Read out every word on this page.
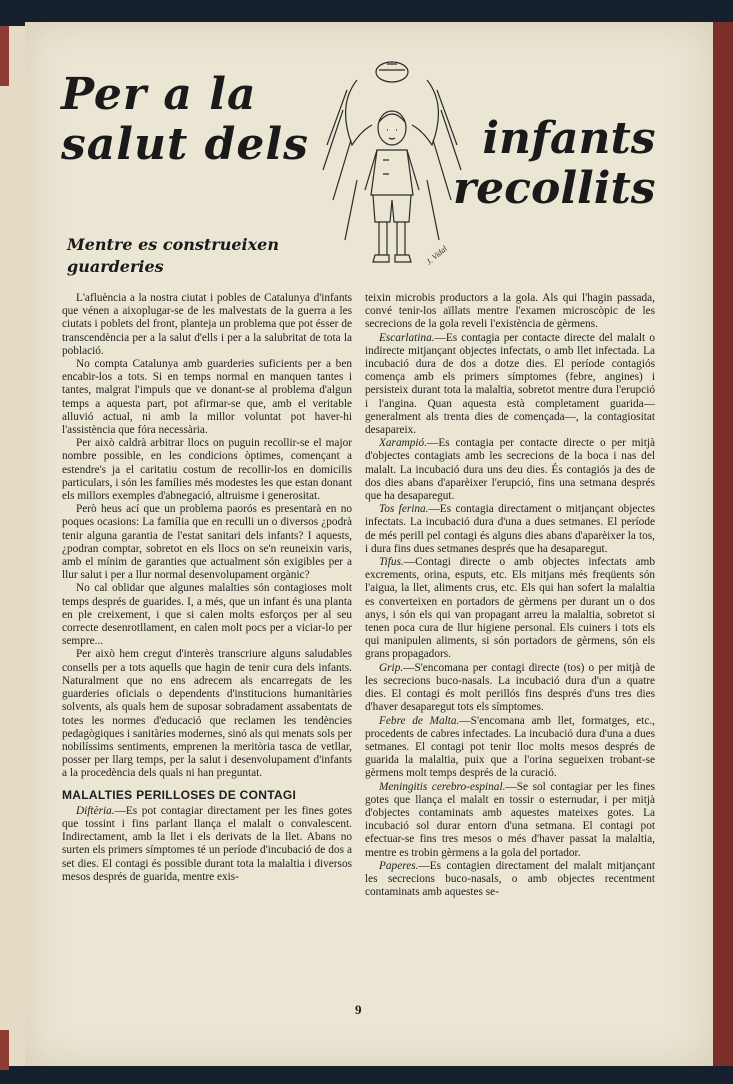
Per a la
salut dels	infants
recollits
Mentre es construeixen
guarderies	J. Vidal

L'afluència a la nostra ciutat i pobles de Catalunya d'infants que vénen a aixoplugar-se de les malvestats de la guerra a les ciutats i poblets del front, planteja un problema que pot ésser de transcendència per a la salut d'ells i per a la salubritat de tota la població.

No compta Catalunya amb guarderies suficients per a ben encabir-los a tots. Si en temps normal en manquen tantes i tantes, malgrat l'impuls que ve donant-se al problema d'algun temps a aquesta part, pot afirmar-se que, amb el veritable alluvió actual, ni amb la millor voluntat pot haver-hi l'assistència que fóra necessària.

Per això caldrà arbitrar llocs on puguin recollir-se el major nombre possible, en les condicions òptimes, començant a estendre's ja el caritatiu costum de recollir-los en domicilis particulars, i són les famílies més modestes les que estan donant els millors exemples d'abnegació, altruisme i generositat.

Però heus ací que un problema paorós es presentarà en no poques ocasions: La família que en reculli un o diversos ¿podrà tenir alguna garantia de l'estat sanitari dels infants? I aquests, ¿podran comptar, sobretot en els llocs on se'n reuneixin varis, amb el mínim de garanties que actualment són exigibles per a llur salut i per a llur normal desenvolupament orgànic?

No cal oblidar que algunes malalties són contagioses molt temps després de guarides. I, a més, que un infant és una planta en ple creixement, i que si calen molts esforços per al seu correcte desenrotllament, en calen molt pocs per a viciar-lo per sempre...

Per això hem cregut d'interès transcriure alguns saludables consells per a tots aquells que hagin de tenir cura dels infants. Naturalment que no ens adrecem als encarregats de les guarderies oficials o dependents d'institucions humanitàries solvents, als quals hem de suposar sobradament assabentats de totes les normes d'educació que reclamen les tendències pedagògiques i sanitàries modernes, sinó als qui menats sols per nobilíssims sentiments, emprenen la meritòria tasca de vetllar, posser per llarg temps, per la salut i desenvolupament d'infants a la procedència dels quals ni han preguntat.

MALALTIES PERILLOSES DE CONTAGI

Diftèria.—Es pot contagiar directament per les fines gotes que tossint i fins parlant llança el malalt o convalescent. Indirectament, amb la llet i els derivats de la llet. Abans no surten els primers símptomes té un període d'incubació de dos a set dies. El contagi és possible durant tota la malaltia i diversos mesos després de guarida, mentre exis-

teixin microbis productors a la gola. Als qui l'hagin passada, convé tenir-los aïllats mentre l'examen microscòpic de les secrecions de la gola reveli l'existència de gèrmens.

Escarlatina.—Es contagia per contacte directe del malalt o indirecte mitjançant objectes infectats, o amb llet infectada. La incubació dura de dos a dotze dies. El període contagiós comença amb els primers símptomes (febre, angines) i persisteix durant tota la malaltia, sobretot mentre dura l'erupció i l'angina. Quan aquesta està completament guarida—generalment als trenta dies de començada—, la contagiositat desapareix.

Xarampió.—Es contagia per contacte directe o per mitjà d'objectes contagiats amb les secrecions de la boca i nas del malalt. La incubació dura uns deu dies. És contagiós ja des de dos dies abans d'aparèixer l'erupció, fins una setmana després que ha desaparegut.

Tos ferina.—Es contagia directament o mitjançant objectes infectats. La incubació dura d'una a dues setmanes. El període de més perill pel contagi és alguns dies abans d'aparèixer la tos, i dura fins dues setmanes després que ha desaparegut.

Tifus.—Contagi directe o amb objectes infectats amb excrements, orina, esputs, etc. Els mitjans més freqüents són l'aigua, la llet, aliments crus, etc. Els qui han sofert la malaltia es converteixen en portadors de gèrmens per durant un o dos anys, i són els qui van propagant arreu la malaltia, sobretot si tenen poca cura de llur higiene personal. Els cuiners i tots els qui manipulen aliments, si són portadors de gèrmens, són els grans propagadors.

Grip.—S'encomana per contagi directe (tos) o per mitjà de les secrecions buco-nasals. La incubació dura d'un a quatre dies. El contagi és molt perillós fins després d'uns tres dies d'haver desaparegut tots els símptomes.

Febre de Malta.—S'encomana amb llet, formatges, etc., procedents de cabres infectades. La incubació dura d'una a dues setmanes. El contagi pot tenir lloc molts mesos després de guarida la malaltia, puix que a l'orina segueixen trobant-se gèrmens molt temps després de la curació.

Meningitis cerebro-espinal.—Se sol contagiar per les fines gotes que llança el malalt en tossir o esternudar, i per mitjà d'objectes contaminats amb aquestes mateixes gotes. La incubació sol durar entorn d'una setmana. El contagi pot efectuar-se fins tres mesos o més d'haver passat la malaltia, mentre es trobin gèrmens a la gola del portador.

Paperes.—Es contagien directament del malalt mitjançant les secrecions buco-nasals, o amb objectes recentment contaminats amb aquestes se-

9
